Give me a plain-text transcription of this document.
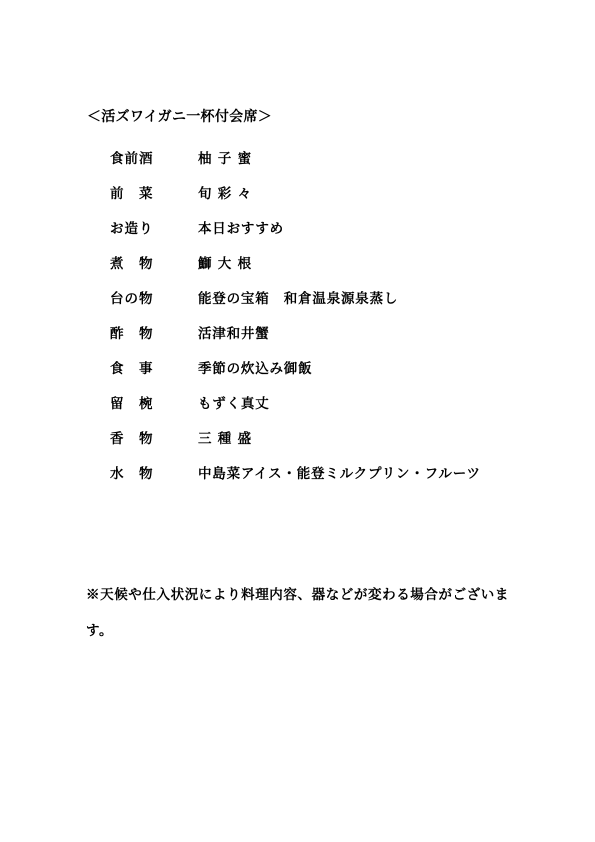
＜活ズワイガニ一杯付会席＞
食前酒	柚 子 蜜
前　菜	旬 彩 々
お造り	本日おすすめ
煮　物	鰤 大 根
台の物	能登の宝箱　和倉温泉源泉蒸し
酢　物	活津和井蟹
食　事	季節の炊込み御飯
留　椀	もずく真丈
香　物	三 種 盛
水　物	中島菜アイス・能登ミルクプリン・フルーツ
※天候や仕入状況により料理内容、器などが変わる場合がございます。
